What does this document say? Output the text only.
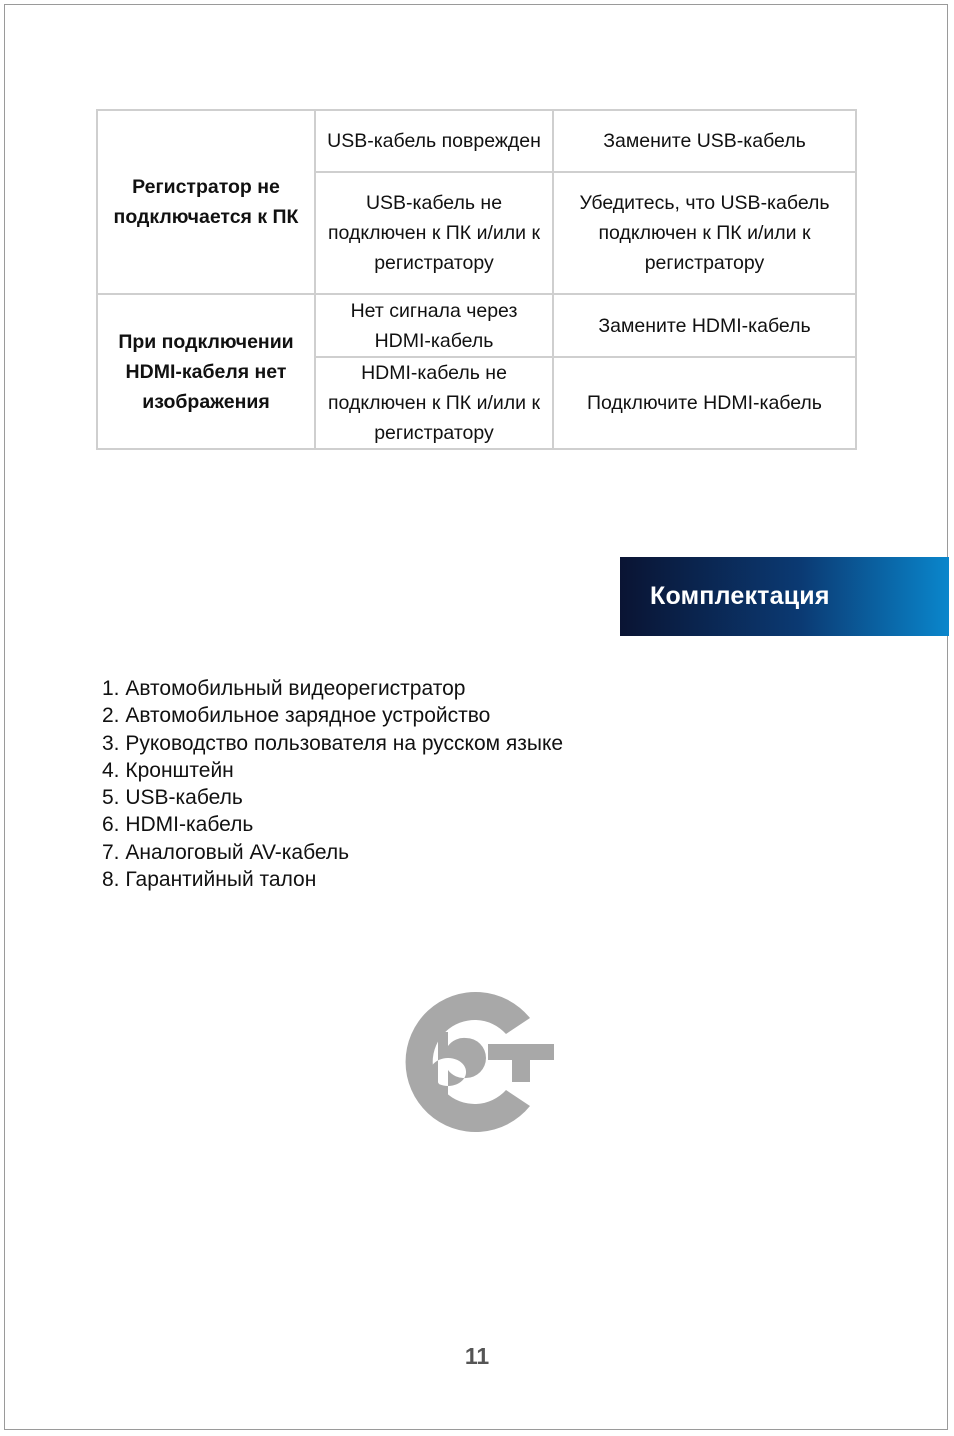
Регистратор не подключается к ПК	USB-кабель поврежден	Замените USB-кабель
	USB-кабель не подключен к ПК и/или к регистратору	Убедитесь, что USB-кабель подключен к ПК и/или к регистратору
При подключении HDMI-кабеля нет изображения	Нет сигнала через HDMI-кабель	Замените HDMI-кабель
	HDMI-кабель не подключен к ПК и/или к регистратору	Подключите HDMI-кабель
Комплектация
1. Автомобильный видеорегистратор
2. Автомобильное зарядное устройство
3. Руководство пользователя на русском языке
4. Кронштейн
5. USB-кабель
6. HDMI-кабель
7. Аналоговый AV-кабель
8. Гарантийный талон
11
